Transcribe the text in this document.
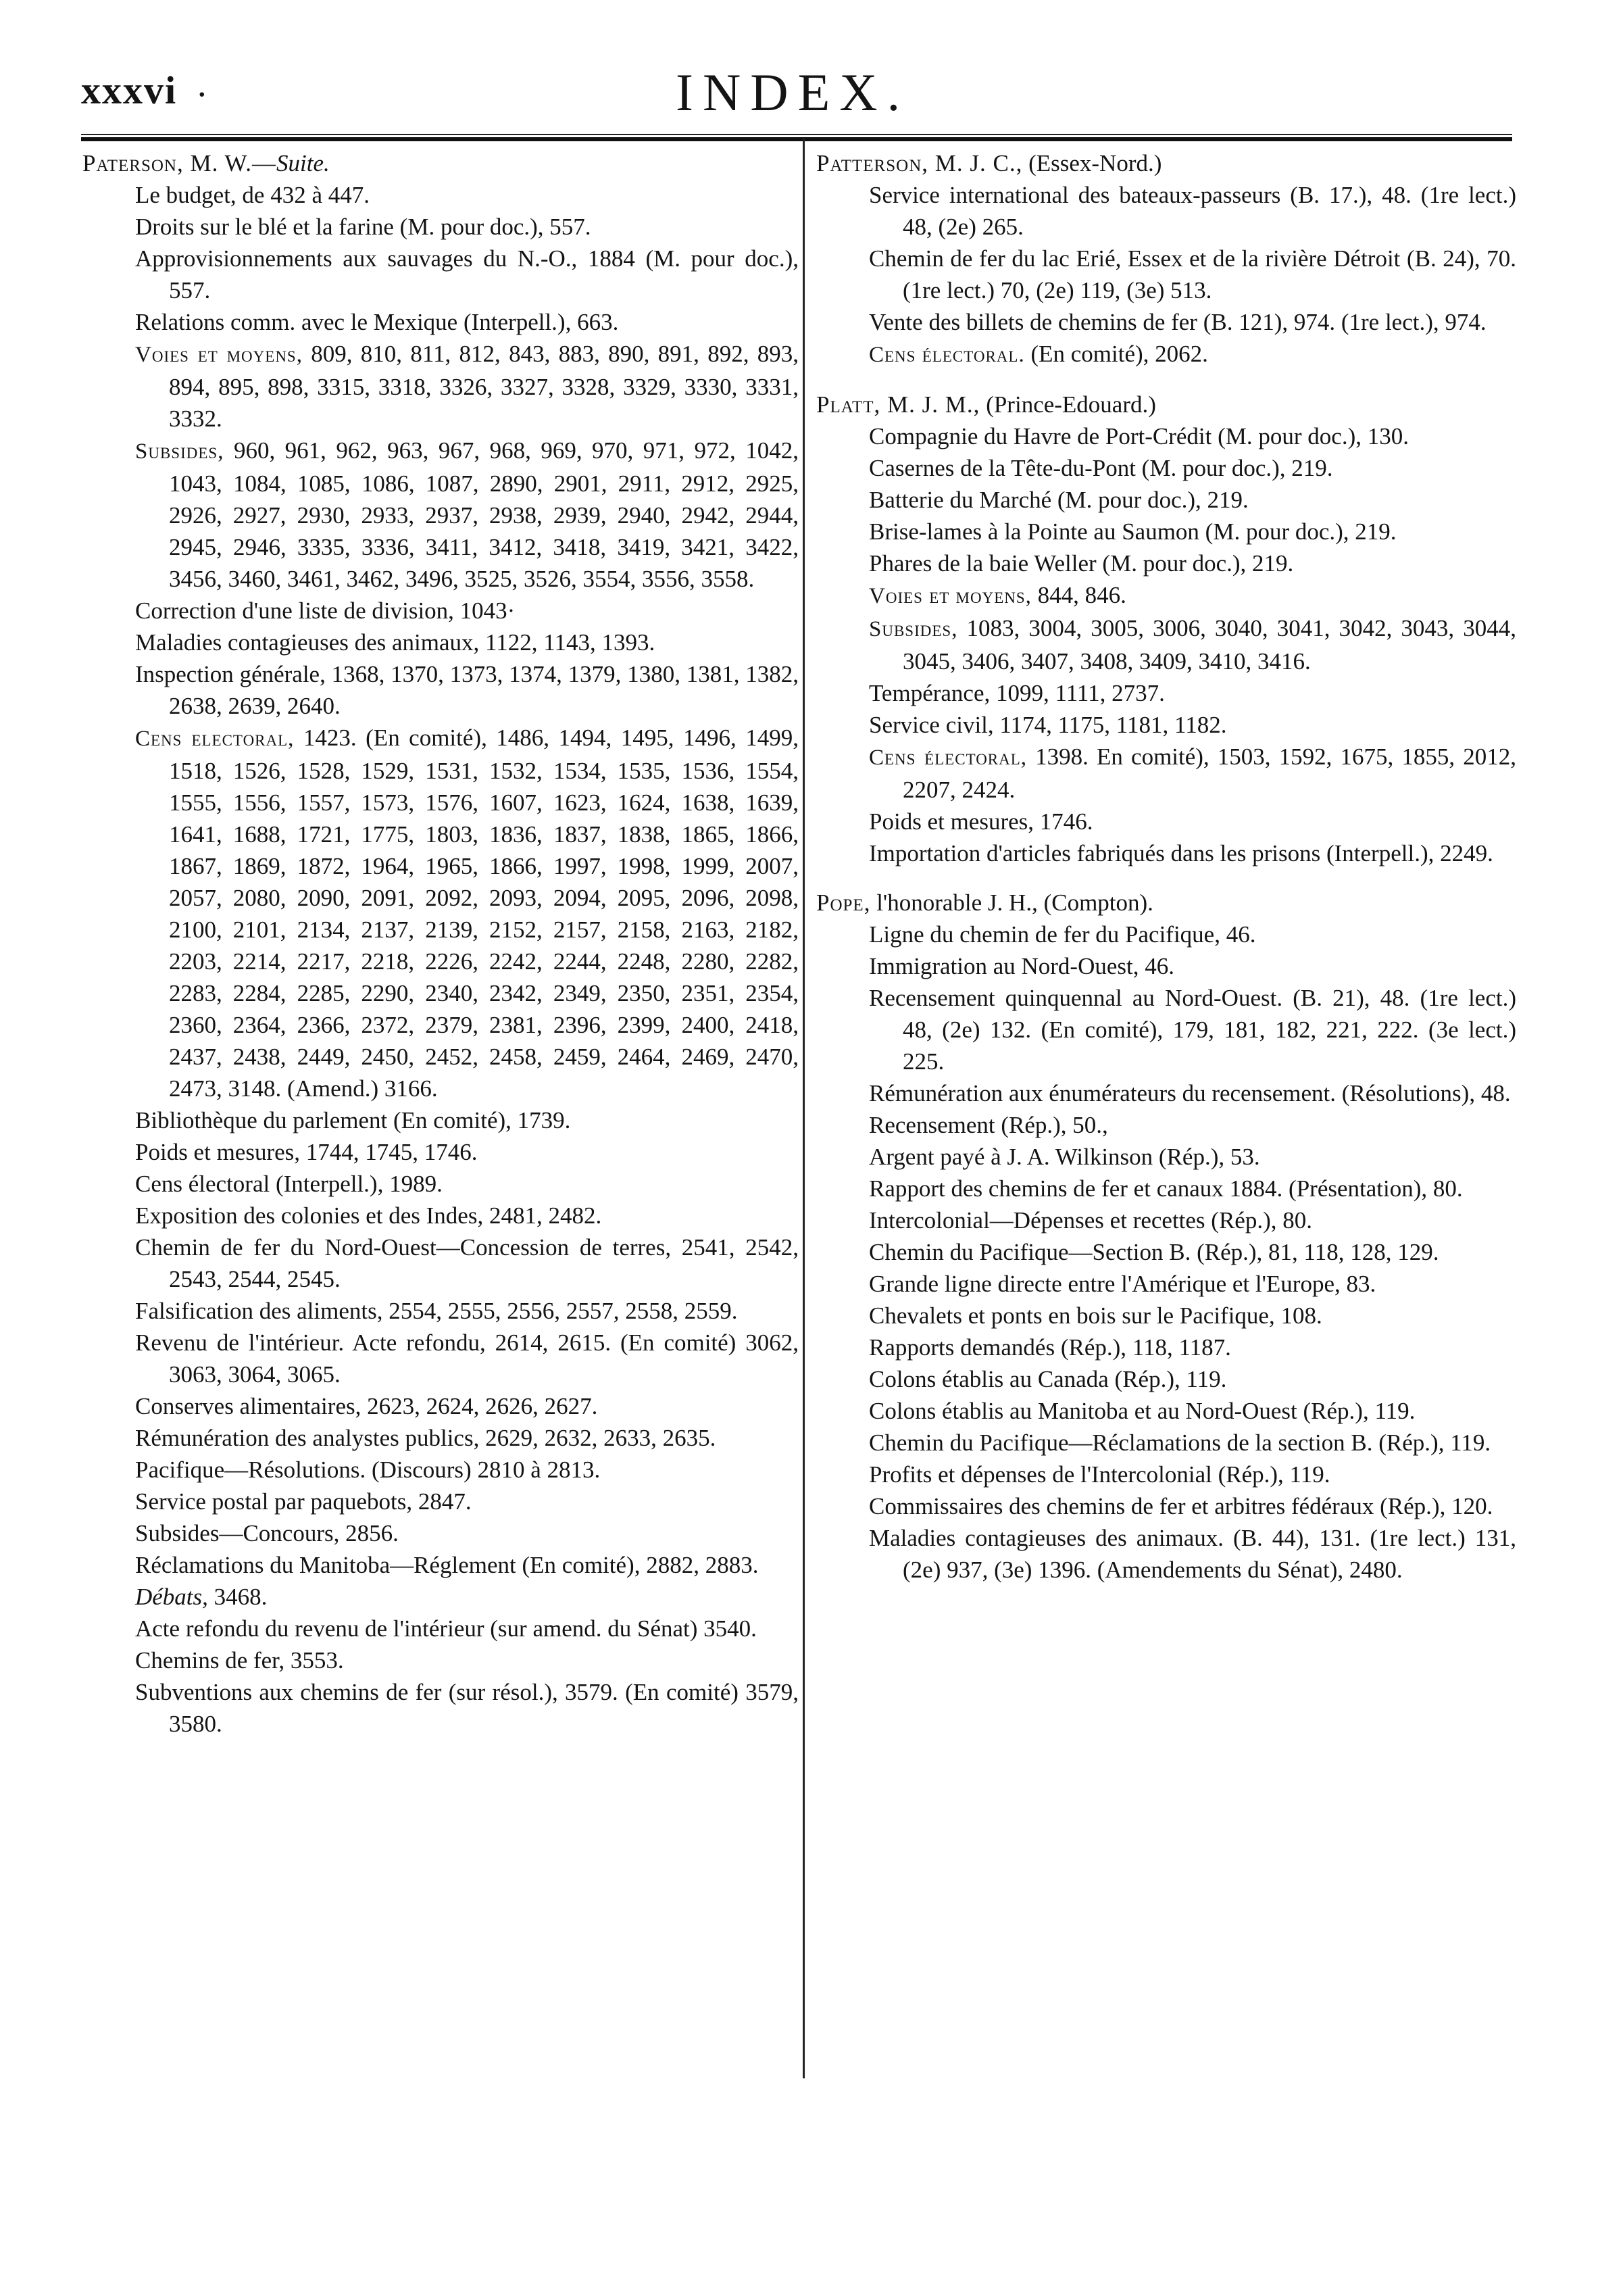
xxxvi ·	INDEX.
Paterson, M. W.—Suite.
Le budget, de 432 à 447.
Droits sur le blé et la farine (M. pour doc.), 557.
Approvisionnements aux sauvages du N.-O., 1884 (M. pour doc.), 557.
Relations comm. avec le Mexique (Interpell.), 663.
Voies et moyens, 809, 810, 811, 812, 843, 883, 890, 891, 892, 893, 894, 895, 898, 3315, 3318, 3326, 3327, 3328, 3329, 3330, 3331, 3332.
Subsides, 960, 961, 962, 963, 967, 968, 969, 970, 971, 972, 1042, 1043, 1084, 1085, 1086, 1087, 2890, 2901, 2911, 2912, 2925, 2926, 2927, 2930, 2933, 2937, 2938, 2939, 2940, 2942, 2944, 2945, 2946, 3335, 3336, 3411, 3412, 3418, 3419, 3421, 3422, 3456, 3460, 3461, 3462, 3496, 3525, 3526, 3554, 3556, 3558.
Correction d'une liste de division, 1043·
Maladies contagieuses des animaux, 1122, 1143, 1393.
Inspection générale, 1368, 1370, 1373, 1374, 1379, 1380, 1381, 1382, 2638, 2639, 2640.
Cens electoral, 1423. (En comité), 1486, 1494, 1495, 1496, 1499, 1518, 1526, 1528, 1529, 1531, 1532, 1534, 1535, 1536, 1554, 1555, 1556, 1557, 1573, 1576, 1607, 1623, 1624, 1638, 1639, 1641, 1688, 1721, 1775, 1803, 1836, 1837, 1838, 1865, 1866, 1867, 1869, 1872, 1964, 1965, 1866, 1997, 1998, 1999, 2007, 2057, 2080, 2090, 2091, 2092, 2093, 2094, 2095, 2096, 2098, 2100, 2101, 2134, 2137, 2139, 2152, 2157, 2158, 2163, 2182, 2203, 2214, 2217, 2218, 2226, 2242, 2244, 2248, 2280, 2282, 2283, 2284, 2285, 2290, 2340, 2342, 2349, 2350, 2351, 2354, 2360, 2364, 2366, 2372, 2379, 2381, 2396, 2399, 2400, 2418, 2437, 2438, 2449, 2450, 2452, 2458, 2459, 2464, 2469, 2470, 2473, 3148. (Amend.) 3166.
Bibliothèque du parlement (En comité), 1739.
Poids et mesures, 1744, 1745, 1746.
Cens électoral (Interpell.), 1989.
Exposition des colonies et des Indes, 2481, 2482.
Chemin de fer du Nord-Ouest—Concession de terres, 2541, 2542, 2543, 2544, 2545.
Falsification des aliments, 2554, 2555, 2556, 2557, 2558, 2559.
Revenu de l'intérieur. Acte refondu, 2614, 2615. (En comité) 3062, 3063, 3064, 3065.
Conserves alimentaires, 2623, 2624, 2626, 2627.
Rémunération des analystes publics, 2629, 2632, 2633, 2635.
Pacifique—Résolutions. (Discours) 2810 à 2813.
Service postal par paquebots, 2847.
Subsides—Concours, 2856.
Réclamations du Manitoba—Réglement (En comité), 2882, 2883.
Débats, 3468.
Acte refondu du revenu de l'intérieur (sur amend. du Sénat) 3540.
Chemins de fer, 3553.
Subventions aux chemins de fer (sur résol.), 3579. (En comité) 3579, 3580.
Patterson, M. J. C., (Essex-Nord.)
Service international des bateaux-passeurs (B. 17.), 48. (1re lect.) 48, (2e) 265.
Chemin de fer du lac Erié, Essex et de la rivière Détroit (B. 24), 70. (1re lect.) 70, (2e) 119, (3e) 513.
Vente des billets de chemins de fer (B. 121), 974. (1re lect.), 974.
Cens électoral. (En comité), 2062.
Platt, M. J. M., (Prince-Edouard.)
Compagnie du Havre de Port-Crédit (M. pour doc.), 130.
Casernes de la Tête-du-Pont (M. pour doc.), 219.
Batterie du Marché (M. pour doc.), 219.
Brise-lames à la Pointe au Saumon (M. pour doc.), 219.
Phares de la baie Weller (M. pour doc.), 219.
Voies et moyens, 844, 846.
Subsides, 1083, 3004, 3005, 3006, 3040, 3041, 3042, 3043, 3044, 3045, 3406, 3407, 3408, 3409, 3410, 3416.
Tempérance, 1099, 1111, 2737.
Service civil, 1174, 1175, 1181, 1182.
Cens électoral, 1398. En comité), 1503, 1592, 1675, 1855, 2012, 2207, 2424.
Poids et mesures, 1746.
Importation d'articles fabriqués dans les prisons (Interpell.), 2249.
Pope, l'honorable J. H., (Compton).
Ligne du chemin de fer du Pacifique, 46.
Immigration au Nord-Ouest, 46.
Recensement quinquennal au Nord-Ouest. (B. 21), 48. (1re lect.) 48, (2e) 132. (En comité), 179, 181, 182, 221, 222. (3e lect.) 225.
Rémunération aux énumérateurs du recensement. (Résolutions), 48.
Recensement (Rép.), 50.,
Argent payé à J. A. Wilkinson (Rép.), 53.
Rapport des chemins de fer et canaux 1884. (Présentation), 80.
Intercolonial—Dépenses et recettes (Rép.), 80.
Chemin du Pacifique—Section B. (Rép.), 81, 118, 128, 129.
Grande ligne directe entre l'Amérique et l'Europe, 83.
Chevalets et ponts en bois sur le Pacifique, 108.
Rapports demandés (Rép.), 118, 1187.
Colons établis au Canada (Rép.), 119.
Colons établis au Manitoba et au Nord-Ouest (Rép.), 119.
Chemin du Pacifique—Réclamations de la section B. (Rép.), 119.
Profits et dépenses de l'Intercolonial (Rép.), 119.
Commissaires des chemins de fer et arbitres fédéraux (Rép.), 120.
Maladies contagieuses des animaux. (B. 44), 131. (1re lect.) 131, (2e) 937, (3e) 1396. (Amendements du Sénat), 2480.
